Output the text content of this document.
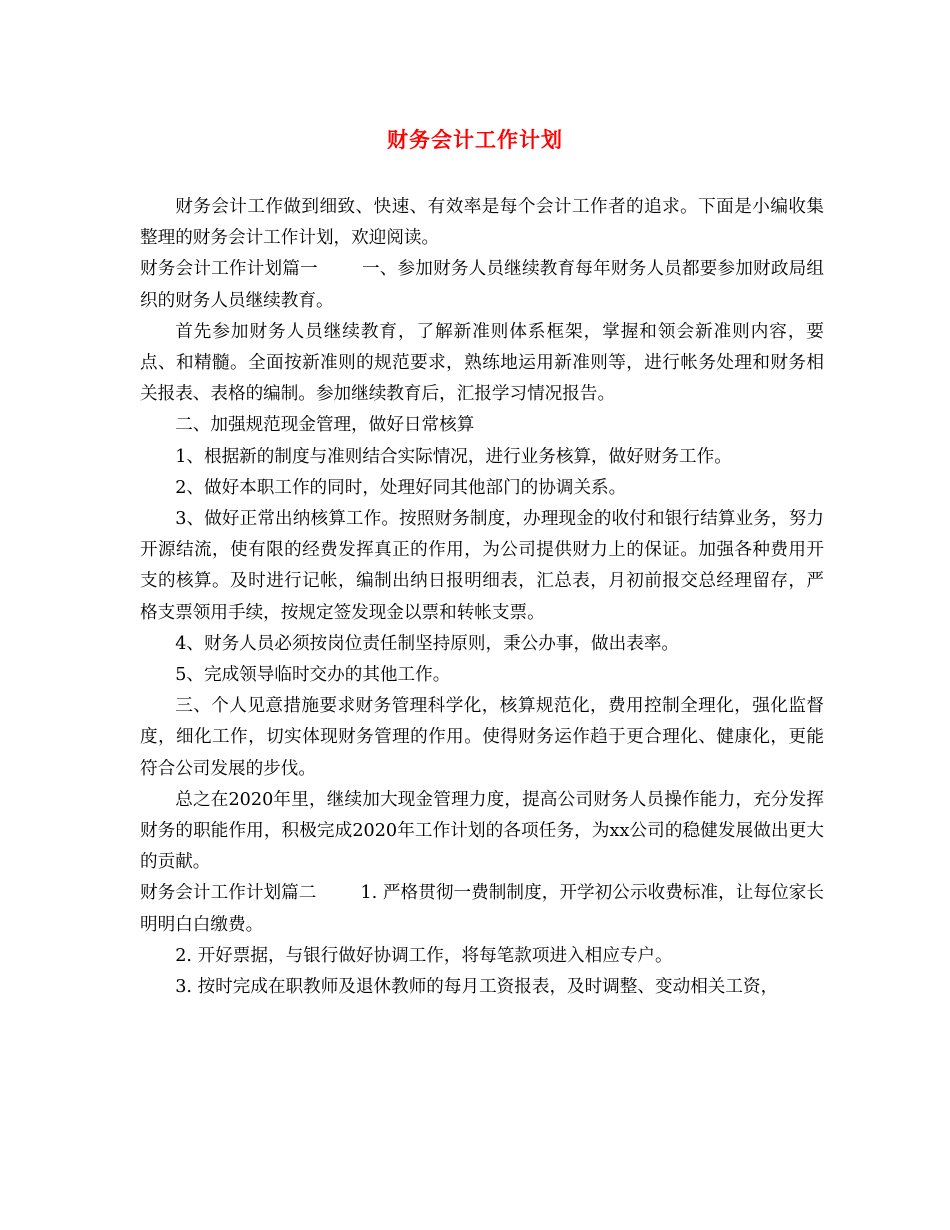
财务会计工作计划

财务会计工作做到细致、快速、有效率是每个会计工作者的追求。下面是小编收集整理的财务会计工作计划，欢迎阅读。

财务会计工作计划篇一	一、参加财务人员继续教育每年财务人员都要参加财政局组织的财务人员继续教育。

首先参加财务人员继续教育，了解新准则体系框架，掌握和领会新准则内容，要点、和精髓。全面按新准则的规范要求，熟练地运用新准则等，进行帐务处理和财务相关报表、表格的编制。参加继续教育后，汇报学习情况报告。

二、加强规范现金管理，做好日常核算

1、根据新的制度与准则结合实际情况，进行业务核算，做好财务工作。

2、做好本职工作的同时，处理好同其他部门的协调关系。

3、做好正常出纳核算工作。按照财务制度，办理现金的收付和银行结算业务，努力开源结流，使有限的经费发挥真正的作用，为公司提供财力上的保证。加强各种费用开支的核算。及时进行记帐，编制出纳日报明细表，汇总表，月初前报交总经理留存，严格支票领用手续，按规定签发现金以票和转帐支票。

4、财务人员必须按岗位责任制坚持原则，秉公办事，做出表率。

5、完成领导临时交办的其他工作。

三、个人见意措施要求财务管理科学化，核算规范化，费用控制全理化，强化监督度，细化工作，切实体现财务管理的作用。使得财务运作趋于更合理化、健康化，更能符合公司发展的步伐。

总之在2020年里，继续加大现金管理力度，提高公司财务人员操作能力，充分发挥财务的职能作用，积极完成2020年工作计划的各项任务，为xx公司的稳健发展做出更大的贡献。

财务会计工作计划篇二	1. 严格贯彻一费制制度，开学初公示收费标准，让每位家长明明白白缴费。

2. 开好票据，与银行做好协调工作，将每笔款项进入相应专户。

3. 按时完成在职教师及退休教师的每月工资报表，及时调整、变动相关工资，
